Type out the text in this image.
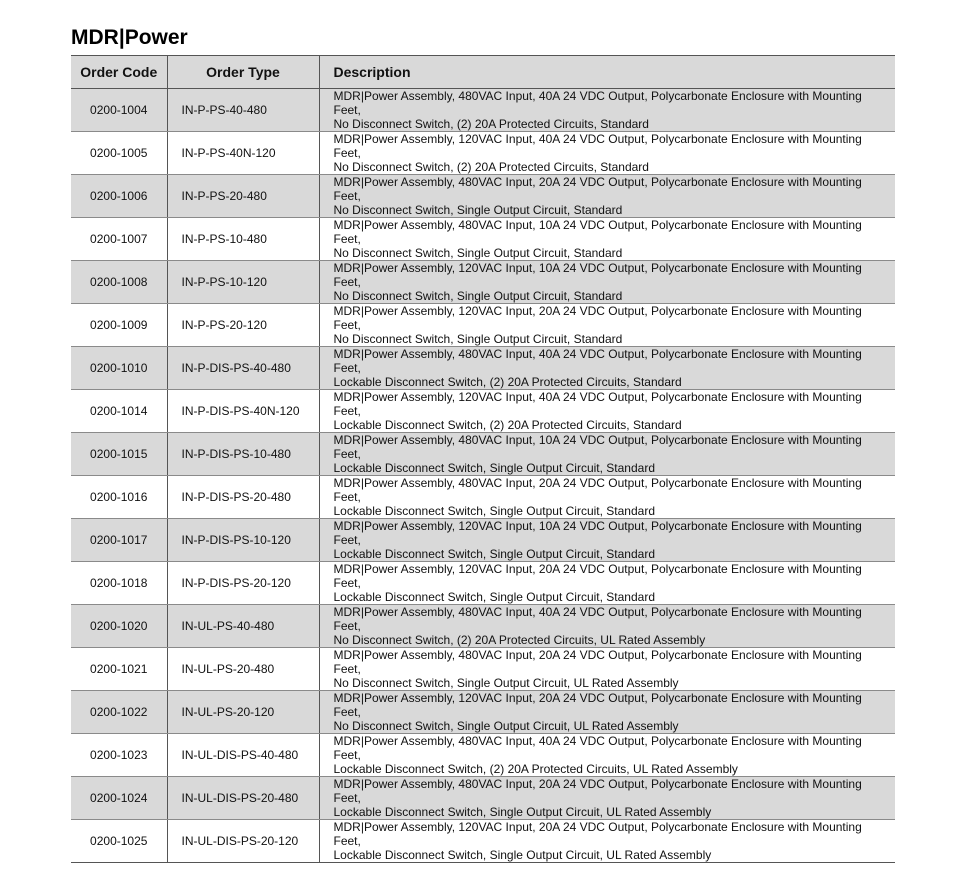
MDR|Power
Order Code	Order Type	Description
0200-1004	IN-P-PS-40-480	MDR|Power Assembly, 480VAC Input, 40A 24 VDC Output, Polycarbonate Enclosure with Mounting Feet,
No Disconnect Switch, (2) 20A Protected Circuits, Standard

0200-1005	IN-P-PS-40N-120	MDR|Power Assembly, 120VAC Input, 40A 24 VDC Output, Polycarbonate Enclosure with Mounting Feet,
No Disconnect Switch, (2) 20A Protected Circuits, Standard

0200-1006	IN-P-PS-20-480	MDR|Power Assembly, 480VAC Input, 20A 24 VDC Output, Polycarbonate Enclosure with Mounting Feet,
No Disconnect Switch, Single Output Circuit, Standard

0200-1007	IN-P-PS-10-480	MDR|Power Assembly, 480VAC Input, 10A 24 VDC Output, Polycarbonate Enclosure with Mounting Feet,
No Disconnect Switch, Single Output Circuit, Standard

0200-1008	IN-P-PS-10-120	MDR|Power Assembly, 120VAC Input, 10A 24 VDC Output, Polycarbonate Enclosure with Mounting Feet,
No Disconnect Switch, Single Output Circuit, Standard

0200-1009	IN-P-PS-20-120	MDR|Power Assembly, 120VAC Input, 20A 24 VDC Output, Polycarbonate Enclosure with Mounting Feet,
No Disconnect Switch, Single Output Circuit, Standard

0200-1010	IN-P-DIS-PS-40-480	MDR|Power Assembly, 480VAC Input, 40A 24 VDC Output, Polycarbonate Enclosure with Mounting Feet,
Lockable Disconnect Switch, (2) 20A Protected Circuits, Standard

0200-1014	IN-P-DIS-PS-40N-120	MDR|Power Assembly, 120VAC Input, 40A 24 VDC Output, Polycarbonate Enclosure with Mounting Feet,
Lockable Disconnect Switch, (2) 20A Protected Circuits, Standard

0200-1015	IN-P-DIS-PS-10-480	MDR|Power Assembly, 480VAC Input, 10A 24 VDC Output, Polycarbonate Enclosure with Mounting Feet,
Lockable Disconnect Switch, Single Output Circuit, Standard

0200-1016	IN-P-DIS-PS-20-480	MDR|Power Assembly, 480VAC Input, 20A 24 VDC Output, Polycarbonate Enclosure with Mounting Feet,
Lockable Disconnect Switch, Single Output Circuit, Standard

0200-1017	IN-P-DIS-PS-10-120	MDR|Power Assembly, 120VAC Input, 10A 24 VDC Output, Polycarbonate Enclosure with Mounting Feet,
Lockable Disconnect Switch, Single Output Circuit, Standard

0200-1018	IN-P-DIS-PS-20-120	MDR|Power Assembly, 120VAC Input, 20A 24 VDC Output, Polycarbonate Enclosure with Mounting Feet,
Lockable Disconnect Switch, Single Output Circuit, Standard

0200-1020	IN-UL-PS-40-480	MDR|Power Assembly, 480VAC Input, 40A 24 VDC Output, Polycarbonate Enclosure with Mounting Feet,
No Disconnect Switch, (2) 20A Protected Circuits, UL Rated Assembly

0200-1021	IN-UL-PS-20-480	MDR|Power Assembly, 480VAC Input, 20A 24 VDC Output, Polycarbonate Enclosure with Mounting Feet,
No Disconnect Switch, Single Output Circuit, UL Rated Assembly

0200-1022	IN-UL-PS-20-120	MDR|Power Assembly, 120VAC Input, 20A 24 VDC Output, Polycarbonate Enclosure with Mounting Feet,
No Disconnect Switch, Single Output Circuit, UL Rated Assembly

0200-1023	IN-UL-DIS-PS-40-480	MDR|Power Assembly, 480VAC Input, 40A 24 VDC Output, Polycarbonate Enclosure with Mounting Feet,
Lockable Disconnect Switch, (2) 20A Protected Circuits, UL Rated Assembly

0200-1024	IN-UL-DIS-PS-20-480	MDR|Power Assembly, 480VAC Input, 20A 24 VDC Output, Polycarbonate Enclosure with Mounting Feet,
Lockable Disconnect Switch, Single Output Circuit, UL Rated Assembly

0200-1025	IN-UL-DIS-PS-20-120	MDR|Power Assembly, 120VAC Input, 20A 24 VDC Output, Polycarbonate Enclosure with Mounting Feet,
Lockable Disconnect Switch, Single Output Circuit, UL Rated Assembly
